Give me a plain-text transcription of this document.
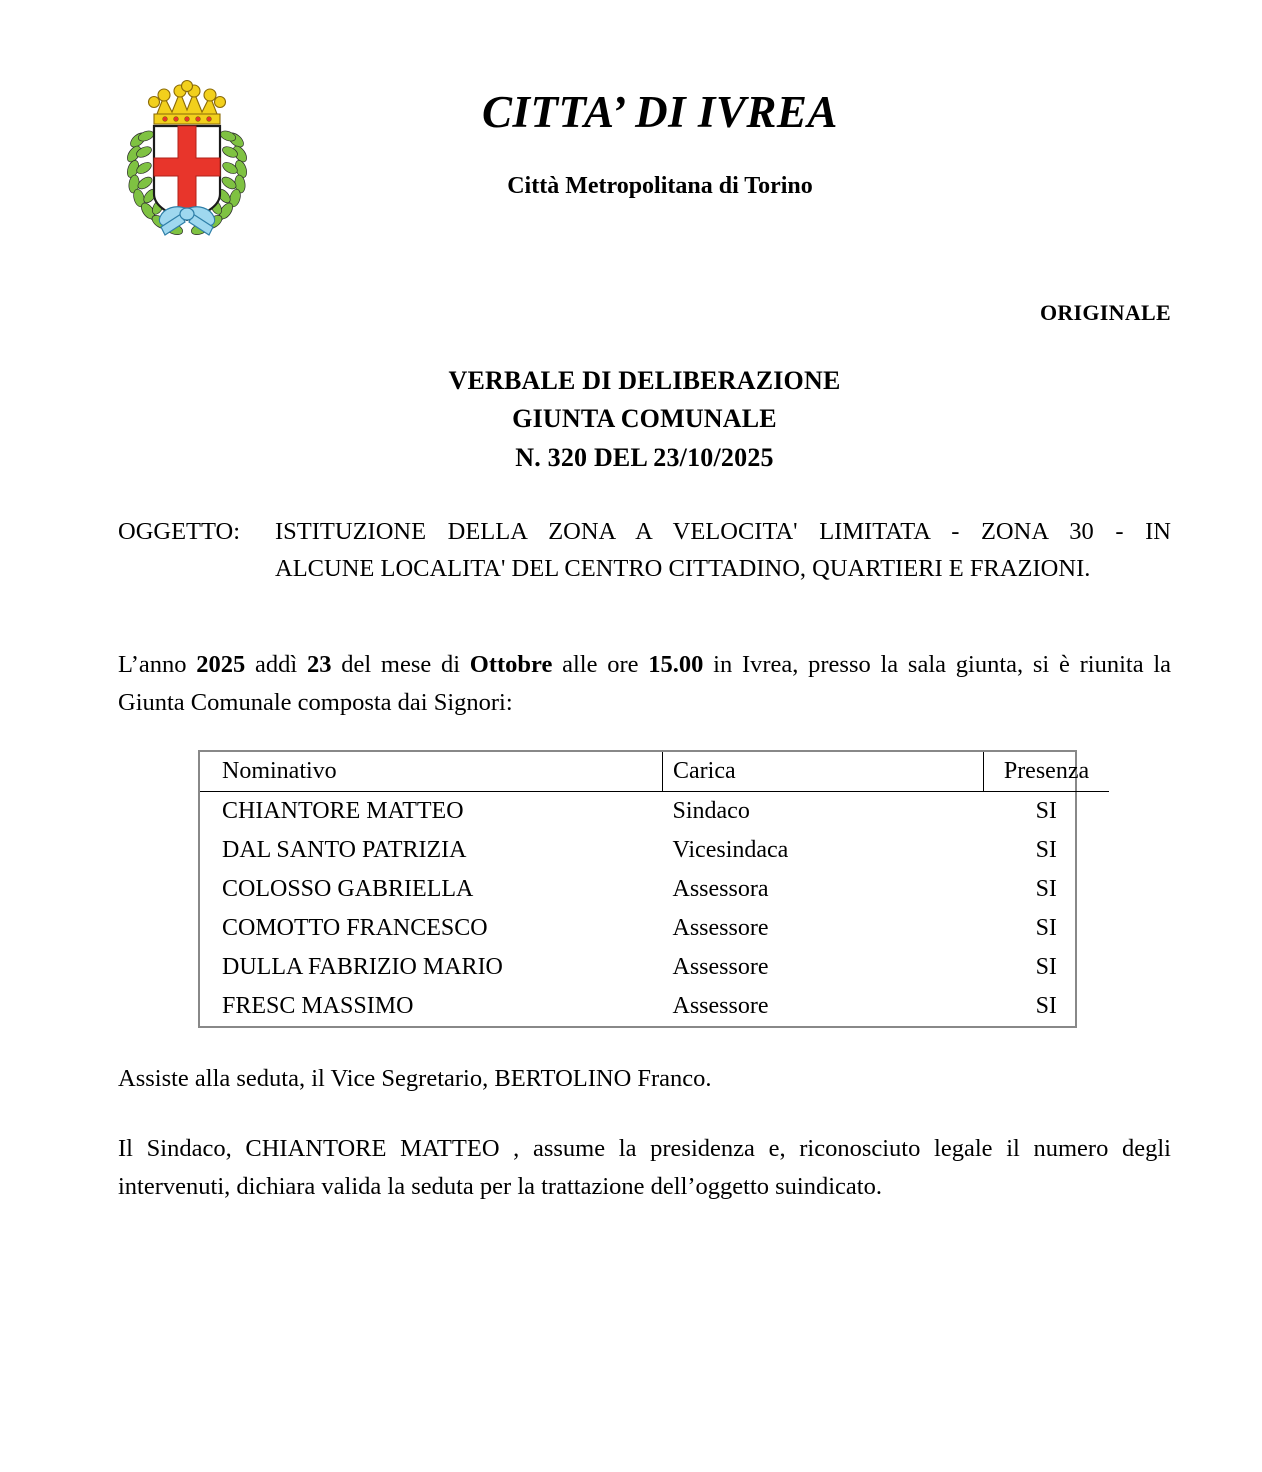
CITTA’ DI IVREA
Città Metropolitana di Torino
ORIGINALE
VERBALE DI DELIBERAZIONE
GIUNTA COMUNALE
N. 320 DEL 23/10/2025
OGGETTO:	ISTITUZIONE DELLA ZONA A VELOCITA' LIMITATA - ZONA 30 - IN
ALCUNE LOCALITA' DEL CENTRO CITTADINO, QUARTIERI E FRAZIONI.
L’anno 2025 addì 23 del mese di Ottobre alle ore 15.00 in Ivrea, presso la sala giunta, si è riunita la Giunta Comunale composta dai Signori:
Nominativo	Carica	Presenza
CHIANTORE MATTEO	Sindaco	SI
DAL SANTO PATRIZIA	Vicesindaca	SI
COLOSSO GABRIELLA	Assessora	SI
COMOTTO FRANCESCO	Assessore	SI
DULLA FABRIZIO MARIO	Assessore	SI
FRESC MASSIMO	Assessore	SI
Assiste alla seduta, il Vice Segretario, BERTOLINO Franco.
Il Sindaco, CHIANTORE MATTEO , assume la presidenza e, riconosciuto legale il numero degli intervenuti, dichiara valida la seduta per la trattazione dell’oggetto suindicato.
